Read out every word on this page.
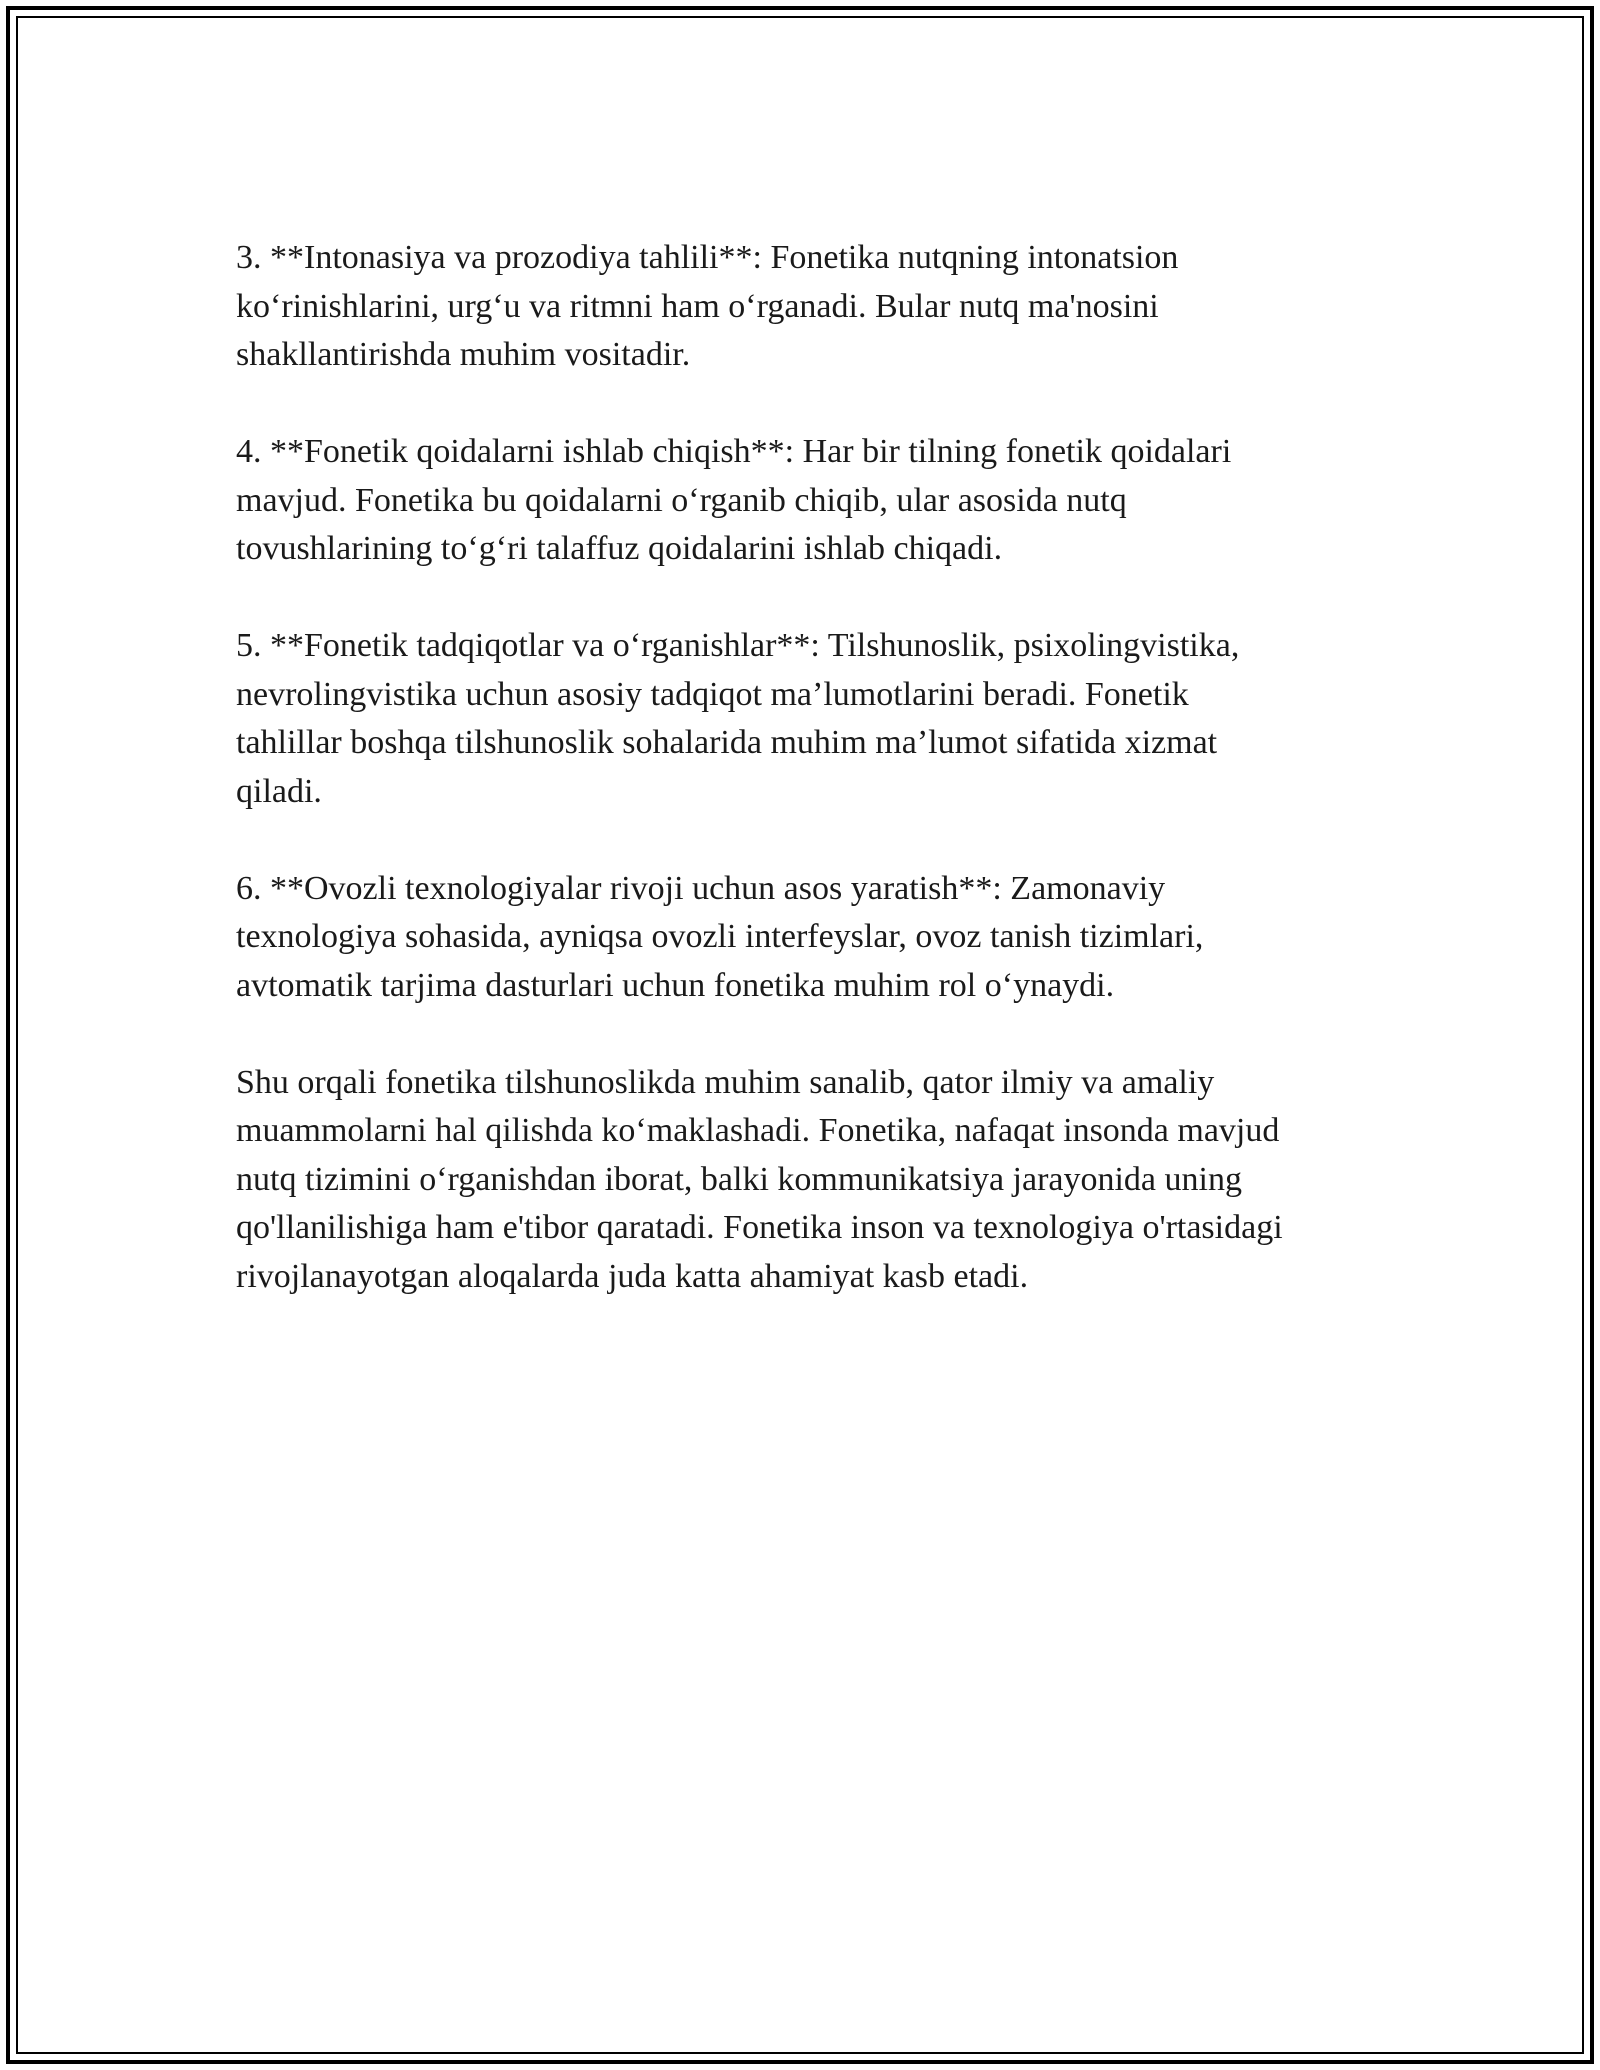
3. **Intonasiya va prozodiya tahlili**: Fonetika nutqning intonatsion
ko‘rinishlarini, urg‘u va ritmni ham o‘rganadi. Bular nutq ma'nosini
shakllantirishda muhim vositadir.

4. **Fonetik qoidalarni ishlab chiqish**: Har bir tilning fonetik qoidalari
mavjud. Fonetika bu qoidalarni o‘rganib chiqib, ular asosida nutq
tovushlarining to‘g‘ri talaffuz qoidalarini ishlab chiqadi.

5. **Fonetik tadqiqotlar va o‘rganishlar**: Tilshunoslik, psixolingvistika,
nevrolingvistika uchun asosiy tadqiqot ma’lumotlarini beradi. Fonetik
tahlillar boshqa tilshunoslik sohalarida muhim ma’lumot sifatida xizmat
qiladi.

6. **Ovozli texnologiyalar rivoji uchun asos yaratish**: Zamonaviy
texnologiya sohasida, ayniqsa ovozli interfeyslar, ovoz tanish tizimlari,
avtomatik tarjima dasturlari uchun fonetika muhim rol o‘ynaydi.

Shu orqali fonetika tilshunoslikda muhim sanalib, qator ilmiy va amaliy
muammolarni hal qilishda ko‘maklashadi. Fonetika, nafaqat insonda mavjud
nutq tizimini o‘rganishdan iborat, balki kommunikatsiya jarayonida uning
qo'llanilishiga ham e'tibor qaratadi. Fonetika inson va texnologiya o'rtasidagi
rivojlanayotgan aloqalarda juda katta ahamiyat kasb etadi.
